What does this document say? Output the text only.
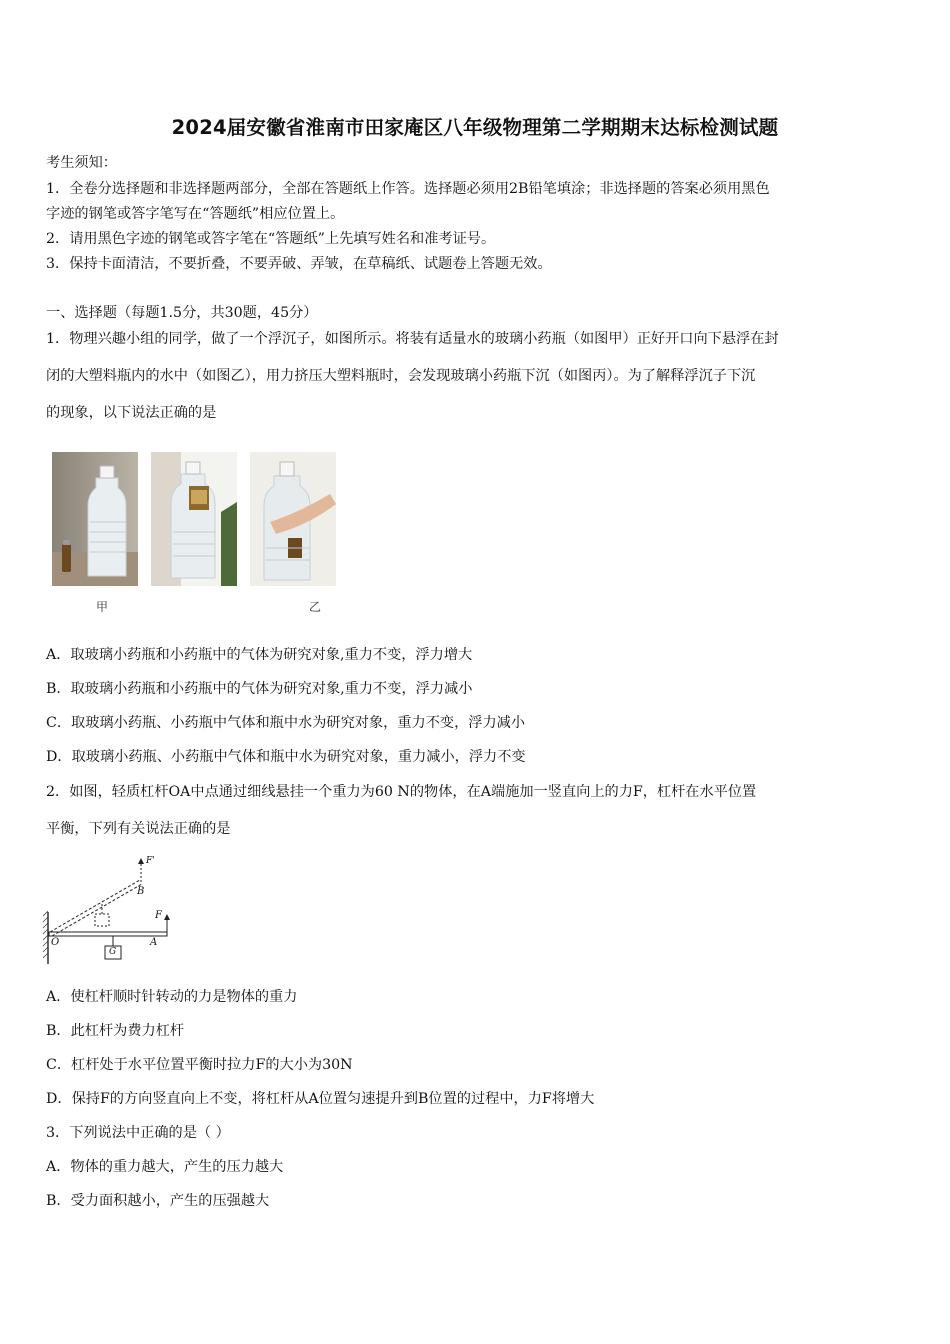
2024届安徽省淮南市田家庵区八年级物理第二学期期末达标检测试题
考生须知：
1．全卷分选择题和非选择题两部分，全部在答题纸上作答。选择题必须用2B铅笔填涂；非选择题的答案必须用黑色
字迹的钢笔或答字笔写在“答题纸”相应位置上。
2．请用黑色字迹的钢笔或答字笔在“答题纸”上先填写姓名和准考证号。
3．保持卡面清洁，不要折叠，不要弄破、弄皱，在草稿纸、试题卷上答题无效。
一、选择题（每题1.5分，共30题，45分）
1．物理兴趣小组的同学，做了一个浮沉子，如图所示。将装有适量水的玻璃小药瓶（如图甲）正好开口向下悬浮在封
闭的大塑料瓶内的水中（如图乙），用力挤压大塑料瓶时，会发现玻璃小药瓶下沉（如图丙）。为了解释浮沉子下沉
的现象，以下说法正确的是
甲	乙
A．取玻璃小药瓶和小药瓶中的气体为研究对象,重力不变，浮力增大
B．取玻璃小药瓶和小药瓶中的气体为研究对象,重力不变，浮力减小
C．取玻璃小药瓶、小药瓶中气体和瓶中水为研究对象，重力不变，浮力减小
D．取玻璃小药瓶、小药瓶中气体和瓶中水为研究对象，重力减小，浮力不变
2．如图，轻质杠杆OA中点通过细线悬挂一个重力为60 N的物体，在A端施加一竖直向上的力F，杠杆在水平位置
平衡，下列有关说法正确的是
O	A
B
F
F'
G
A．使杠杆顺时针转动的力是物体的重力
B．此杠杆为费力杠杆
C．杠杆处于水平位置平衡时拉力F的大小为30N
D．保持F的方向竖直向上不变，将杠杆从A位置匀速提升到B位置的过程中，力F将增大
3．下列说法中正确的是（ ）
A．物体的重力越大，产生的压力越大
B．受力面积越小，产生的压强越大
